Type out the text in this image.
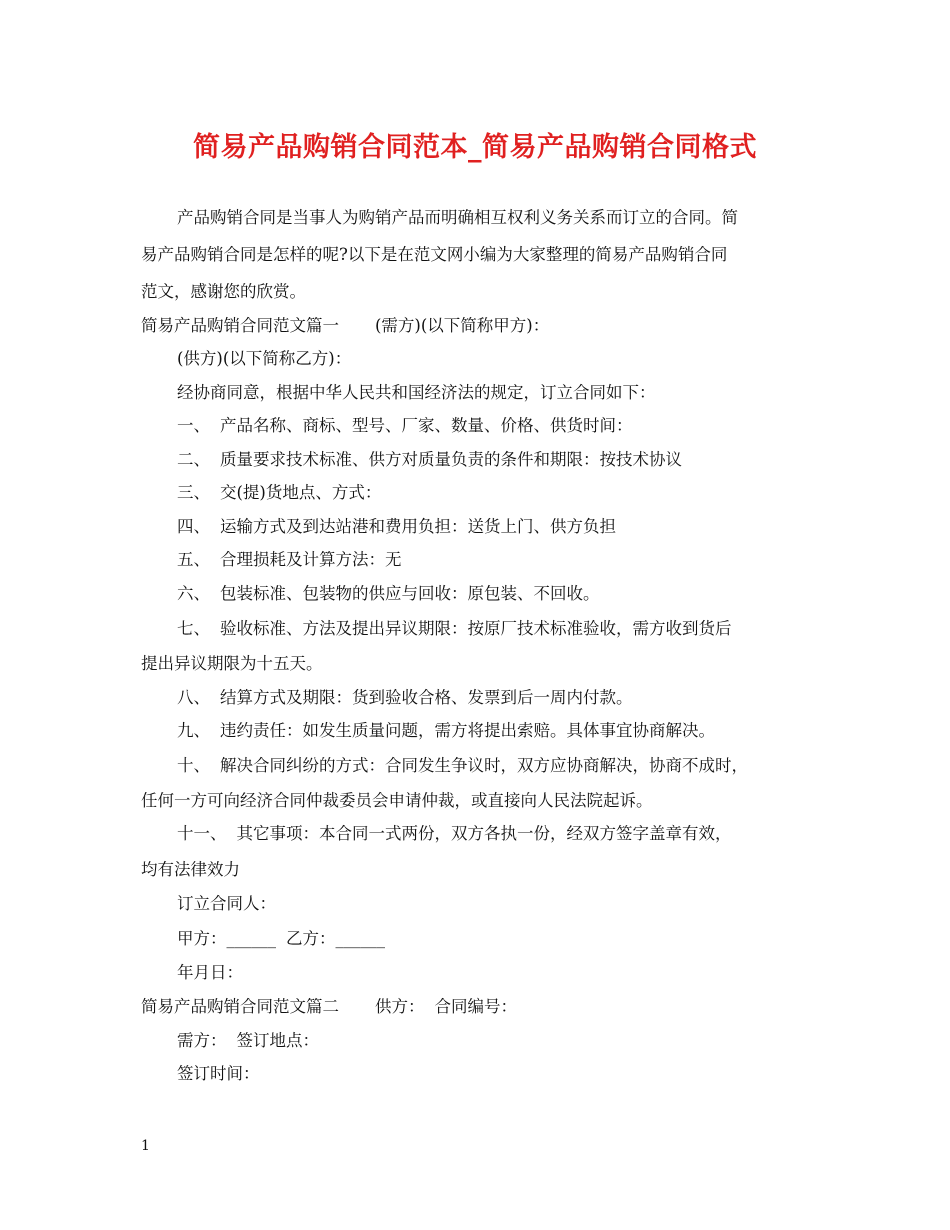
简易产品购销合同范本_简易产品购销合同格式

产品购销合同是当事人为购销产品而明确相互权利义务关系而订立的合同。简

易产品购销合同是怎样的呢?以下是在范文网小编为大家整理的简易产品购销合同

范文，感谢您的欣赏。

简易产品购销合同范文篇一 (需方)(以下简称甲方)：

(供方)(以下简称乙方)：

经协商同意，根据中华人民共和国经济法的规定，订立合同如下：

一、 产品名称、商标、型号、厂家、数量、价格、供货时间：

二、 质量要求技术标准、供方对质量负责的条件和期限：按技术协议

三、 交(提)货地点、方式：

四、 运输方式及到达站港和费用负担：送货上门、供方负担

五、 合理损耗及计算方法：无

六、 包装标准、包装物的供应与回收：原包装、不回收。

七、 验收标准、方法及提出异议期限：按原厂技术标准验收，需方收到货后

提出异议期限为十五天。

八、 结算方式及期限：货到验收合格、发票到后一周内付款。

九、 违约责任：如发生质量问题，需方将提出索赔。具体事宜协商解决。

十、 解决合同纠纷的方式：合同发生争议时，双方应协商解决，协商不成时，

任何一方可向经济合同仲裁委员会申请仲裁，或直接向人民法院起诉。

十一、 其它事项：本合同一式两份，双方各执一份，经双方签字盖章有效，

均有法律效力

订立合同人：

甲方：______ 乙方：______

年月日：

简易产品购销合同范文篇二 供方： 合同编号：

需方： 签订地点：

签订时间：

1
